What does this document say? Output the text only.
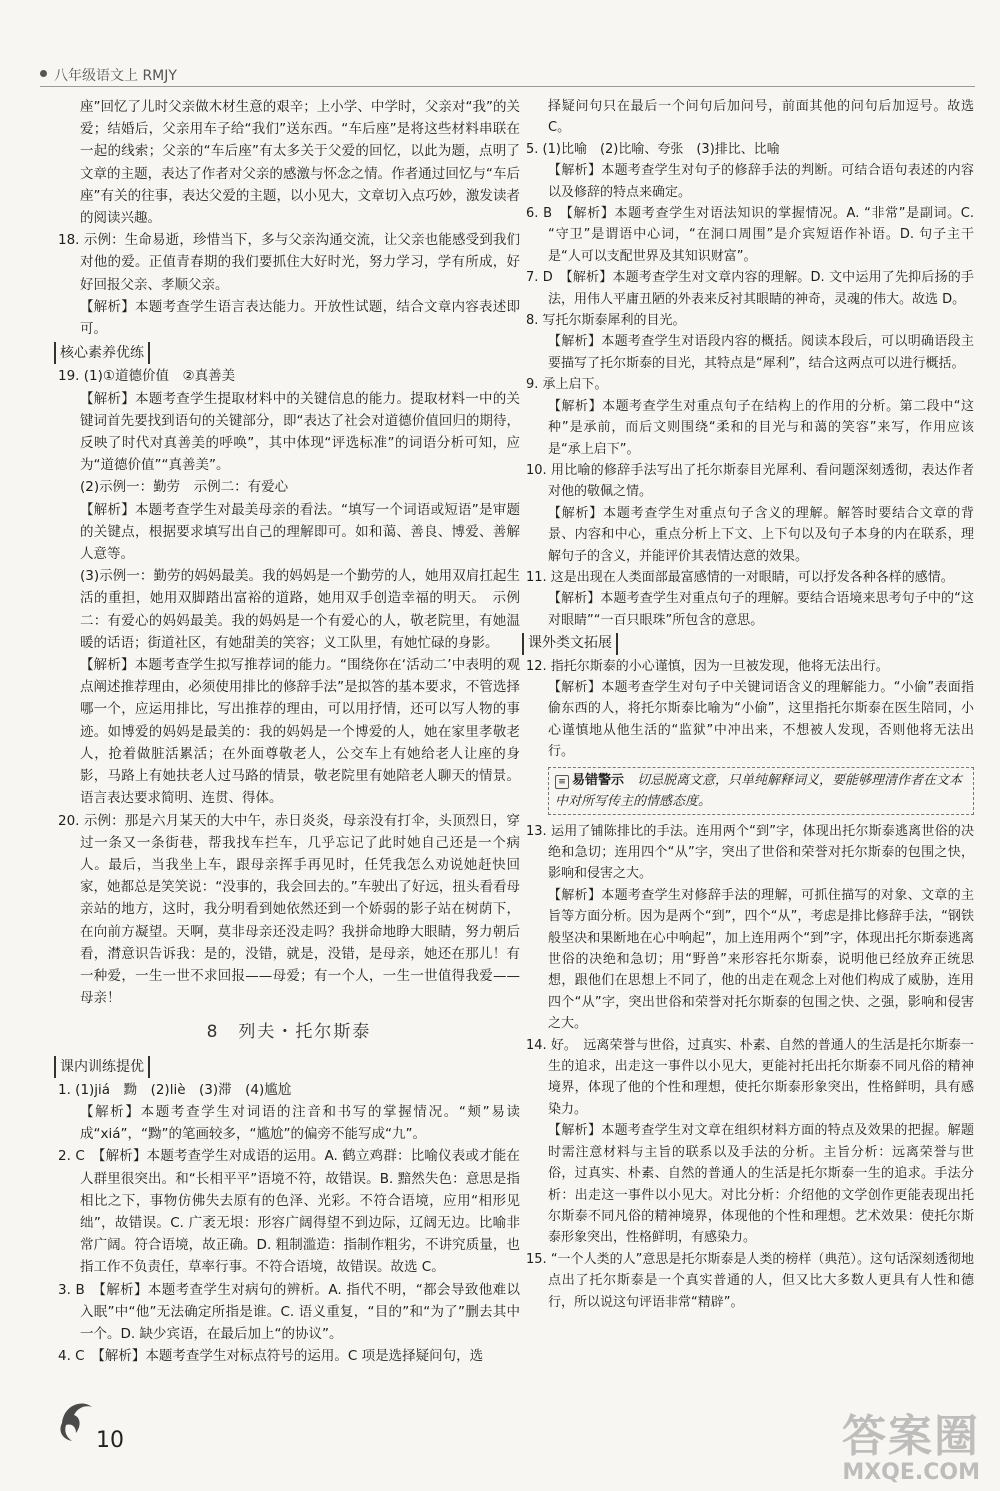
八年级语文上 RMJY

座”回忆了儿时父亲做木材生意的艰辛；上小学、中学时，父亲对“我”的关爱；结婚后，父亲用车子给“我们”送东西。“车后座”是将这些材料串联在一起的线索；父亲的“车后座”有太多关于父爱的回忆，以此为题，点明了文章的主题，表达了作者对父亲的感激与怀念之情。作者通过回忆与“车后座”有关的往事，表达父爱的主题，以小见大，文章切入点巧妙，激发读者的阅读兴趣。

18. 示例：生命易逝，珍惜当下，多与父亲沟通交流，让父亲也能感受到我们对他的爱。正值青春期的我们要抓住大好时光，努力学习，学有所成，好好回报父亲、孝顺父亲。

【解析】本题考查学生语言表达能力。开放性试题，结合文章内容表述即可。

核心素养优练

19. (1)①道德价值　②真善美

【解析】本题考查学生提取材料中的关键信息的能力。提取材料一中的关键词首先要找到语句的关键部分，即“表达了社会对道德价值回归的期待，反映了时代对真善美的呼唤”，其中体现“评选标准”的词语分析可知，应为“道德价值”“真善美”。

(2)示例一：勤劳　示例二：有爱心

【解析】本题考查学生对最美母亲的看法。“填写一个词语或短语”是审题的关键点，根据要求填写出自己的理解即可。如和蔼、善良、博爱、善解人意等。

(3)示例一：勤劳的妈妈最美。我的妈妈是一个勤劳的人，她用双肩扛起生活的重担，她用双脚踏出富裕的道路，她用双手创造幸福的明天。　示例二：有爱心的妈妈最美。我的妈妈是一个有爱心的人，敬老院里，有她温暖的话语；街道社区，有她甜美的笑容；义工队里，有她忙碌的身影。

【解析】本题考查学生拟写推荐词的能力。“围绕你在‘活动二’中表明的观点阐述推荐理由，必须使用排比的修辞手法”是拟答的基本要求，不管选择哪一个，应运用排比，写出推荐的理由，可以用抒情，还可以写人物的事迹。如博爱的妈妈是最美的：我的妈妈是一个博爱的人，她在家里孝敬老人，抢着做脏活累活；在外面尊敬老人，公交车上有她给老人让座的身影，马路上有她扶老人过马路的情景，敬老院里有她陪老人聊天的情景。语言表达要求简明、连贯、得体。

20. 示例：那是六月某天的大中午，赤日炎炎，母亲没有打伞，头顶烈日，穿过一条又一条街巷，帮我找车拦车，几乎忘记了此时她自己还是一个病人。最后，当我坐上车，跟母亲挥手再见时，任凭我怎么劝说她赶快回家，她都总是笑笑说：“没事的，我会回去的。”车驶出了好远，扭头看看母亲站的地方，这时，我分明看到她依然还到一个娇弱的影子站在树荫下，在向前方凝望。天啊，莫非母亲还没走吗？我拼命地睁大眼睛，努力朝后看，潸意识告诉我：是的，没错，就是，没错，是母亲，她还在那儿！有一种爱，一生一世不求回报——母爱；有一个人，一生一世值得我爱——母亲！

8　列夫・托尔斯泰

课内训练提优

1. (1)jiá　黝　(2)liè　(3)滞　(4)尴尬

【解析】本题考查学生对词语的注音和书写的掌握情况。“颊”易读成“xiá”，“黝”的笔画较多，“尴尬”的偏旁不能写成“九”。

2. C　【解析】本题考查学生对成语的运用。A. 鹤立鸡群：比喻仪表或才能在人群里很突出。和“长相平平”语境不符，故错误。B. 黯然失色：意思是指相比之下，事物仿佛失去原有的色泽、光彩。不符合语境，应用“相形见绌”，故错误。C. 广袤无垠：形容广阔得望不到边际，辽阔无边。比喻非常广阔。符合语境，故正确。D. 粗制滥造：指制作粗劣，不讲究质量，也指工作不负责任，草率行事。不符合语境，故错误。故选 C。

3. B　【解析】本题考查学生对病句的辨析。A. 指代不明，“都会导致他难以入眠”中“他”无法确定所指是谁。C. 语义重复，“目的”和“为了”删去其中一个。D. 缺少宾语，在最后加上“的协议”。

4. C　【解析】本题考查学生对标点符号的运用。C 项是选择疑问句，选

择疑问句只在最后一个问句后加问号，前面其他的问句后加逗号。故选 C。

5. (1)比喻　(2)比喻、夸张　(3)排比、比喻

【解析】本题考查学生对句子的修辞手法的判断。可结合语句表述的内容以及修辞的特点来确定。

6. B　【解析】本题考查学生对语法知识的掌握情况。A. “非常”是副词。C. “守卫”是谓语中心词，“在洞口周围”是介宾短语作补语。D. 句子主干是“人可以支配世界及其知识财富”。

7. D　【解析】本题考查学生对文章内容的理解。D. 文中运用了先抑后扬的手法，用伟人平庸丑陋的外表来反衬其眼睛的神奇，灵魂的伟大。故选 D。

8. 写托尔斯泰犀利的目光。

【解析】本题考查学生对语段内容的概括。阅读本段后，可以明确语段主要描写了托尔斯泰的目光，其特点是“犀利”，结合这两点可以进行概括。

9. 承上启下。

【解析】本题考查学生对重点句子在结构上的作用的分析。第二段中“这种”是承前，而后文则围绕“柔和的目光与和蔼的笑容”来写，作用应该是“承上启下”。

10. 用比喻的修辞手法写出了托尔斯泰目光犀利、看问题深刻透彻，表达作者对他的敬佩之情。

【解析】本题考查学生对重点句子含义的理解。解答时要结合文章的背景、内容和中心，重点分析上下文、上下句以及句子本身的内在联系，理解句子的含义，并能评价其表情达意的效果。

11. 这是出现在人类面部最富感情的一对眼睛，可以抒发各种各样的感情。

【解析】本题考查学生对重点句子的理解。要结合语境来思考句子中的“这对眼睛”“一百只眼珠”所包含的意思。

课外类文拓展

12. 指托尔斯泰的小心谨慎，因为一旦被发现，他将无法出行。

【解析】本题考查学生对句子中关键词语含义的理解能力。“小偷”表面指偷东西的人，将托尔斯泰比喻为“小偷”，这里指托尔斯泰在医生陪同，小心谨慎地从他生活的“监狱”中冲出来，不想被人发现，否则他将无法出行。

≡ 易错警示　 切忌脱离文意，只单纯解释词义，要能够理清作者在文本中对所写传主的情感态度。

13. 运用了铺陈排比的手法。连用两个“到”字，体现出托尔斯泰逃离世俗的决绝和急切；连用四个“从”字，突出了世俗和荣誉对托尔斯泰的包围之快，影响和侵害之大。

【解析】本题考查学生对修辞手法的理解，可抓住描写的对象、文章的主旨等方面分析。因为是两个“到”，四个“从”，考虑是排比修辞手法，“钢铁般坚决和果断地在心中响起”，加上连用两个“到”字，体现出托尔斯泰逃离世俗的决绝和急切；用“野兽”来形容托尔斯泰，说明他已经放弃正统思想，跟他们在思想上不同了，他的出走在观念上对他们构成了威胁，连用四个“从”字，突出世俗和荣誉对托尔斯泰的包围之快、之强，影响和侵害之大。

14. 好。　远离荣誉与世俗，过真实、朴素、自然的普通人的生活是托尔斯泰一生的追求，出走这一事件以小见大，更能衬托出托尔斯泰不同凡俗的精神境界，体现了他的个性和理想，使托尔斯泰形象突出，性格鲜明，具有感染力。

【解析】本题考查学生对文章在组织材料方面的特点及效果的把握。解题时需注意材料与主旨的联系以及手法的分析。主旨分析：远离荣誉与世俗，过真实、朴素、自然的普通人的生活是托尔斯泰一生的追求。手法分析：出走这一事件以小见大。对比分析：介绍他的文学创作更能表现出托尔斯泰不同凡俗的精神境界，体现他的个性和理想。艺术效果：使托尔斯泰形象突出，性格鲜明，有感染力。

15. “一个人类的人”意思是托尔斯泰是人类的榜样（典范）。这句话深刻透彻地点出了托尔斯泰是一个真实普通的人，但又比大多数人更具有人性和德行，所以说这句评语非常“精辟”。

10	答案圈
MXQE.COM
